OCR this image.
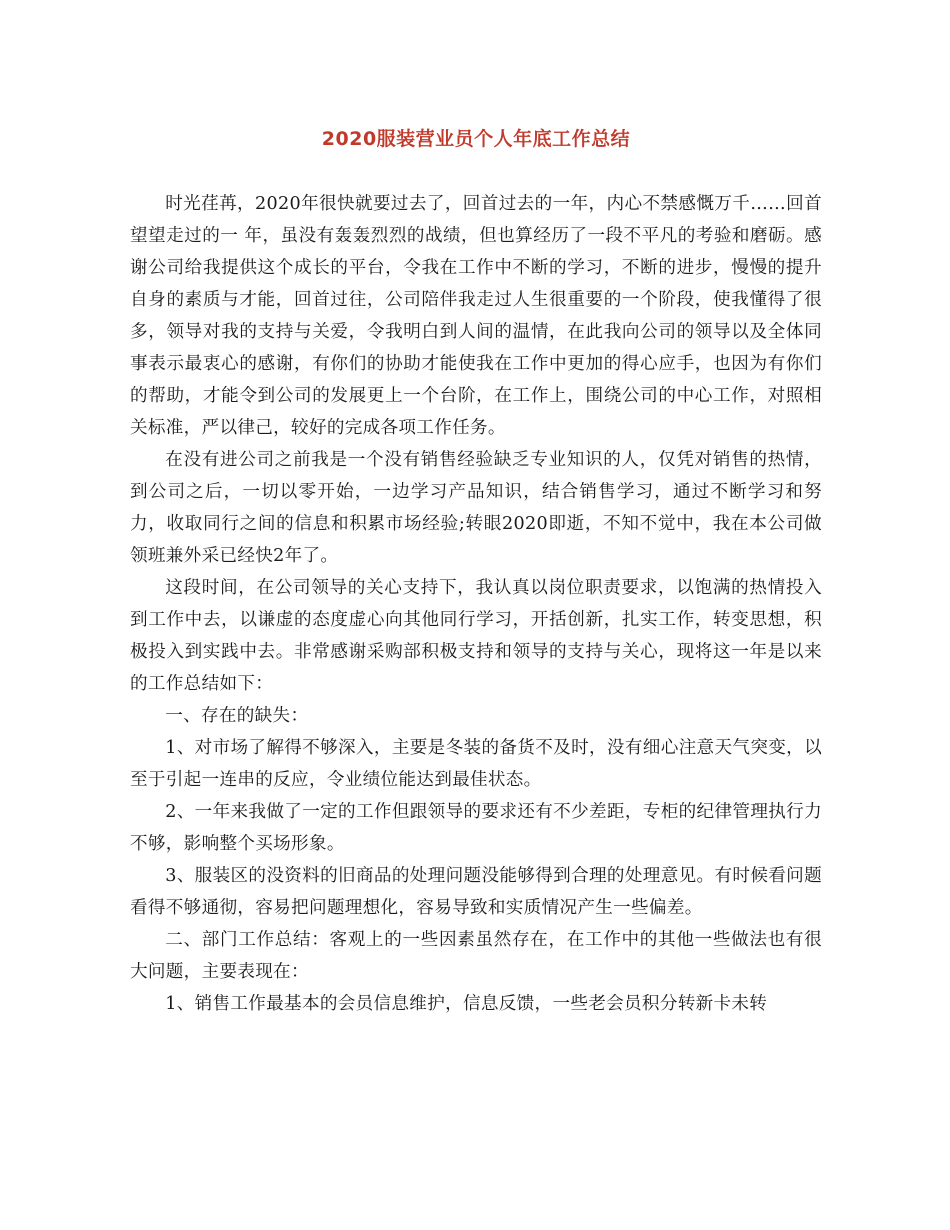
2020服装营业员个人年底工作总结

时光荏苒，2020年很快就要过去了，回首过去的一年，内心不禁感慨万千……回首望望走过的一 年，虽没有轰轰烈烈的战绩，但也算经历了一段不平凡的考验和磨砺。感谢公司给我提供这个成长的平台，令我在工作中不断的学习，不断的进步，慢慢的提升自身的素质与才能，回首过往，公司陪伴我走过人生很重要的一个阶段，使我懂得了很多，领导对我的支持与关爱，令我明白到人间的温情，在此我向公司的领导以及全体同事表示最衷心的感谢，有你们的协助才能使我在工作中更加的得心应手，也因为有你们的帮助，才能令到公司的发展更上一个台阶，在工作上，围绕公司的中心工作，对照相关标准，严以律己，较好的完成各项工作任务。

在没有进公司之前我是一个没有销售经验缺乏专业知识的人，仅凭对销售的热情，到公司之后，一切以零开始，一边学习产品知识，结合销售学习，通过不断学习和努力，收取同行之间的信息和积累市场经验;转眼2020即逝，不知不觉中，我在本公司做领班兼外采已经快2年了。

这段时间，在公司领导的关心支持下，我认真以岗位职责要求，以饱满的热情投入到工作中去，以谦虚的态度虚心向其他同行学习，开括创新，扎实工作，转变思想，积极投入到实践中去。非常感谢采购部积极支持和领导的支持与关心，现将这一年是以来的工作总结如下：

一、存在的缺失：

1、对市场了解得不够深入，主要是冬装的备货不及时，没有细心注意天气突变，以至于引起一连串的反应，令业绩位能达到最佳状态。

2、一年来我做了一定的工作但跟领导的要求还有不少差距，专柜的纪律管理执行力不够，影响整个买场形象。

3、服装区的没资料的旧商品的处理问题没能够得到合理的处理意见。有时候看问题看得不够通彻，容易把问题理想化，容易导致和实质情况产生一些偏差。

二、部门工作总结：客观上的一些因素虽然存在，在工作中的其他一些做法也有很大问题，主要表现在：

1、销售工作最基本的会员信息维护，信息反馈，一些老会员积分转新卡未转
